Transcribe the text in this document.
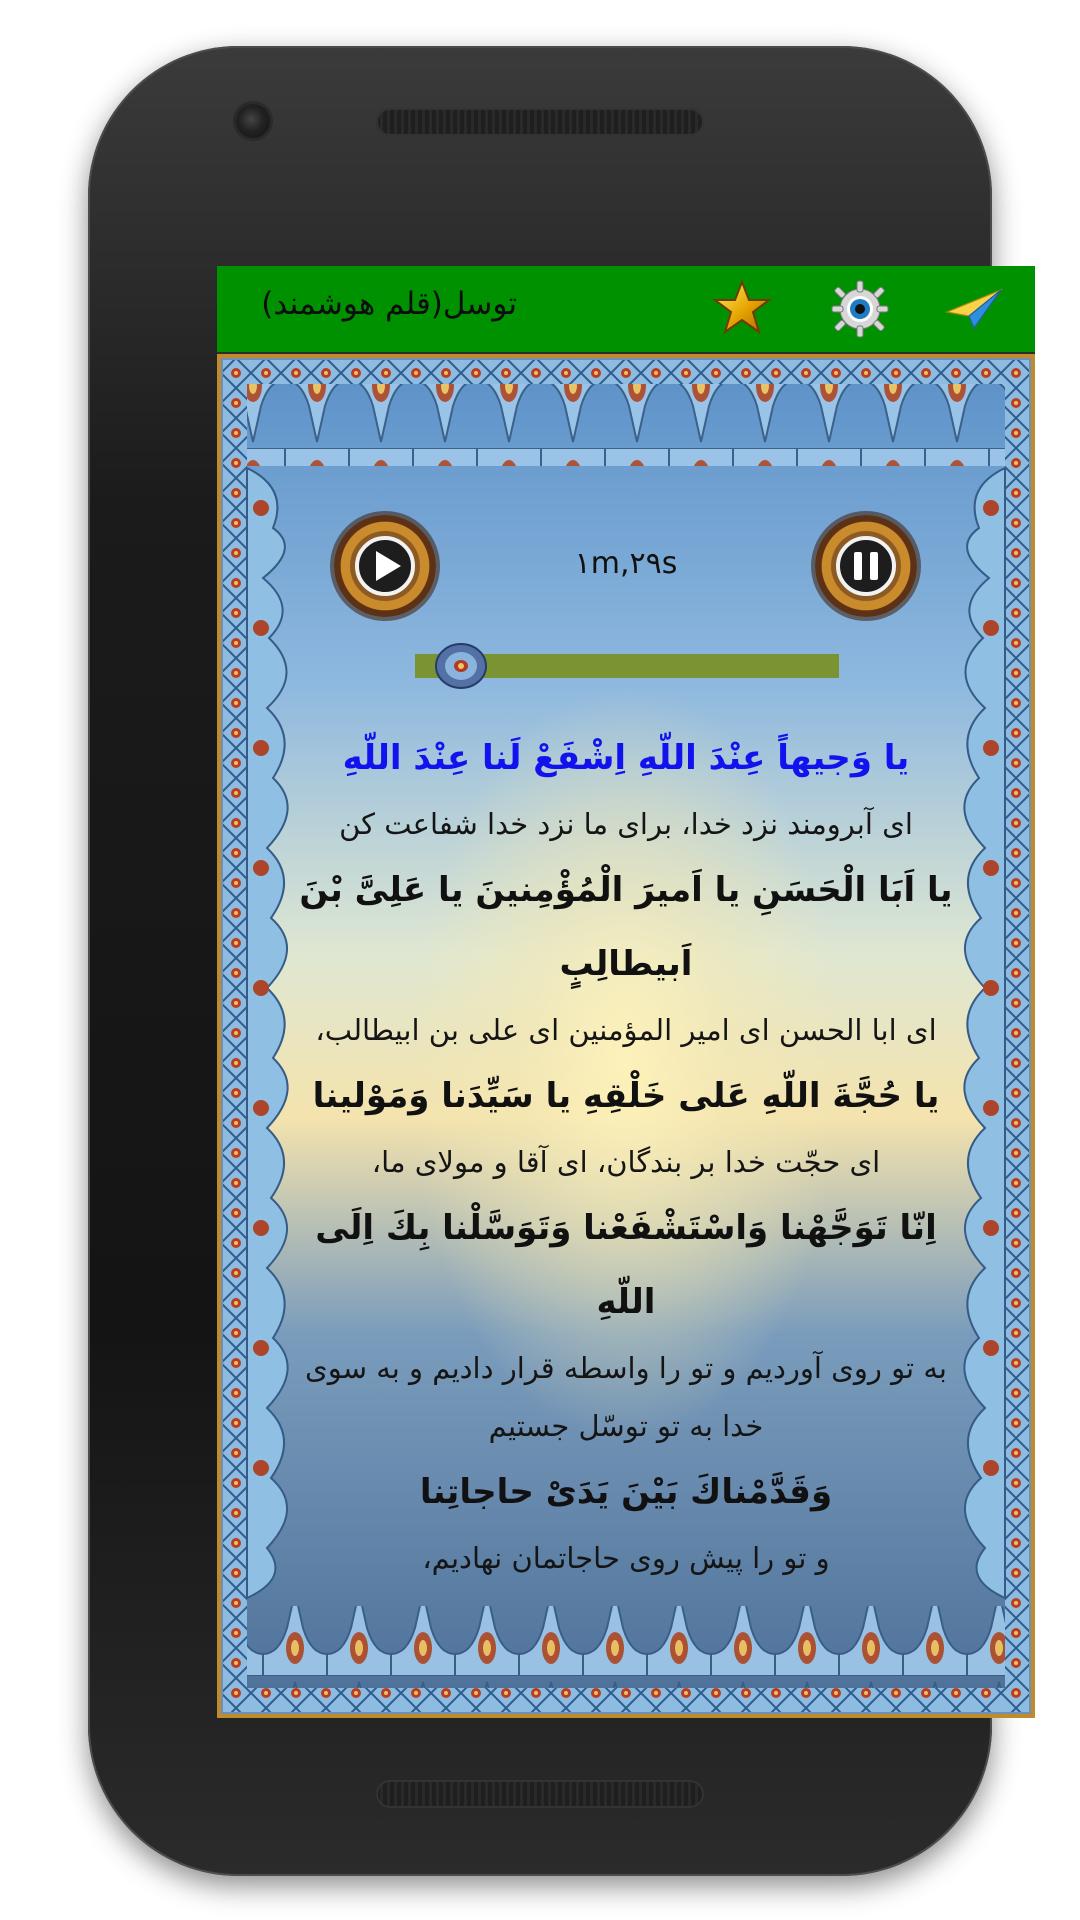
توسل(قلم هوشمند)
۱m,۲۹s

يا وَجيهاً عِنْدَ اللّهِ اِشْفَعْ لَنا عِنْدَ اللّهِ

ای آبرومند نزد خدا، برای ما نزد خدا شفاعت کن

يا اَبَا الْحَسَنِ يا اَميرَ الْمُؤْمِنينَ يا عَلِیَّ بْنَ اَبيطالِبٍ

ای ابا الحسن ای امیر المؤمنین ای علی بن ابیطالب،

يا حُجَّةَ اللّهِ عَلی خَلْقِهِ يا سَيِّدَنا وَمَوْلينا

ای حجّت خدا بر بندگان، ای آقا و مولای ما،

اِنّا تَوَجَّهْنا وَاسْتَشْفَعْنا وَتَوَسَّلْنا بِكَ اِلَی اللّهِ

به تو روی آوردیم و تو را واسطه قرار دادیم و به سوی خدا به تو توسّل جستیم

وَقَدَّمْناكَ بَيْنَ يَدَیْ حاجاتِنا

و تو را پیش روی حاجاتمان نهادیم،
